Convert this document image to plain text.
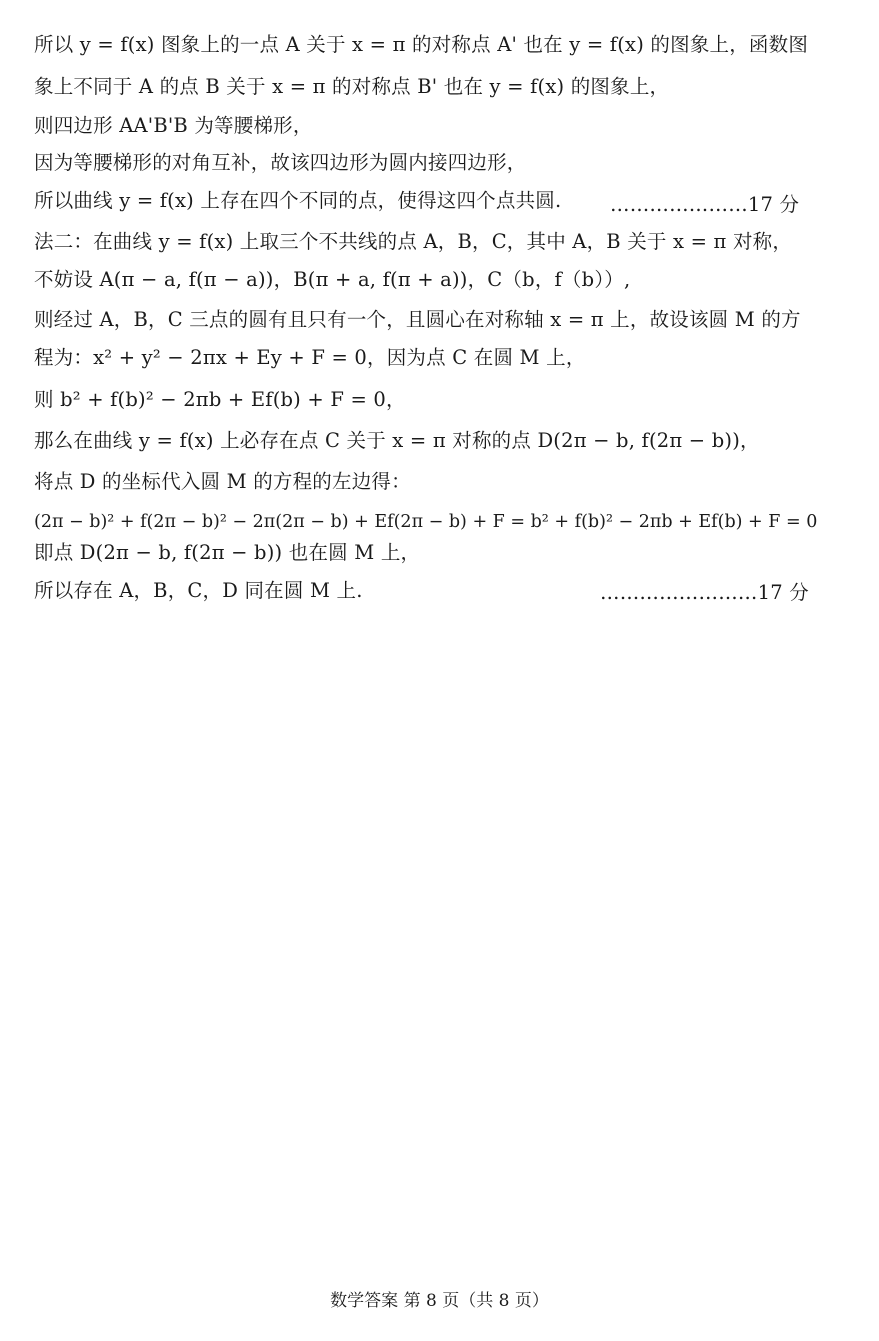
所以 y = f(x) 图象上的一点 A 关于 x = π 的对称点 A' 也在 y = f(x) 的图象上，函数图
象上不同于 A 的点 B 关于 x = π 的对称点 B' 也在 y = f(x) 的图象上，
则四边形 AA'B'B 为等腰梯形，
因为等腰梯形的对角互补，故该四边形为圆内接四边形，
所以曲线 y = f(x) 上存在四个不同的点，使得这四个点共圆. …………………17 分
法二：在曲线 y = f(x) 上取三个不共线的点 A，B，C，其中 A，B 关于 x = π 对称，
不妨设 A(π − a, f(π − a))，B(π + a, f(π + a))，C（b，f（b））,
则经过 A，B，C 三点的圆有且只有一个，且圆心在对称轴 x = π 上，故设该圆 M 的方
程为：x² + y² − 2πx + Ey + F = 0，因为点 C 在圆 M 上，
则 b² + f(b)² − 2πb + Ef(b) + F = 0，
那么在曲线 y = f(x) 上必存在点 C 关于 x = π 对称的点 D(2π − b, f(2π − b))，
将点 D 的坐标代入圆 M 的方程的左边得：
(2π − b)² + f(2π − b)² − 2π(2π − b) + Ef(2π − b) + F = b² + f(b)² − 2πb + Ef(b) + F = 0
即点 D(2π − b, f(2π − b)) 也在圆 M 上，
所以存在 A，B，C，D 同在圆 M 上.	……………………17 分
数学答案 第 8 页（共 8 页）
